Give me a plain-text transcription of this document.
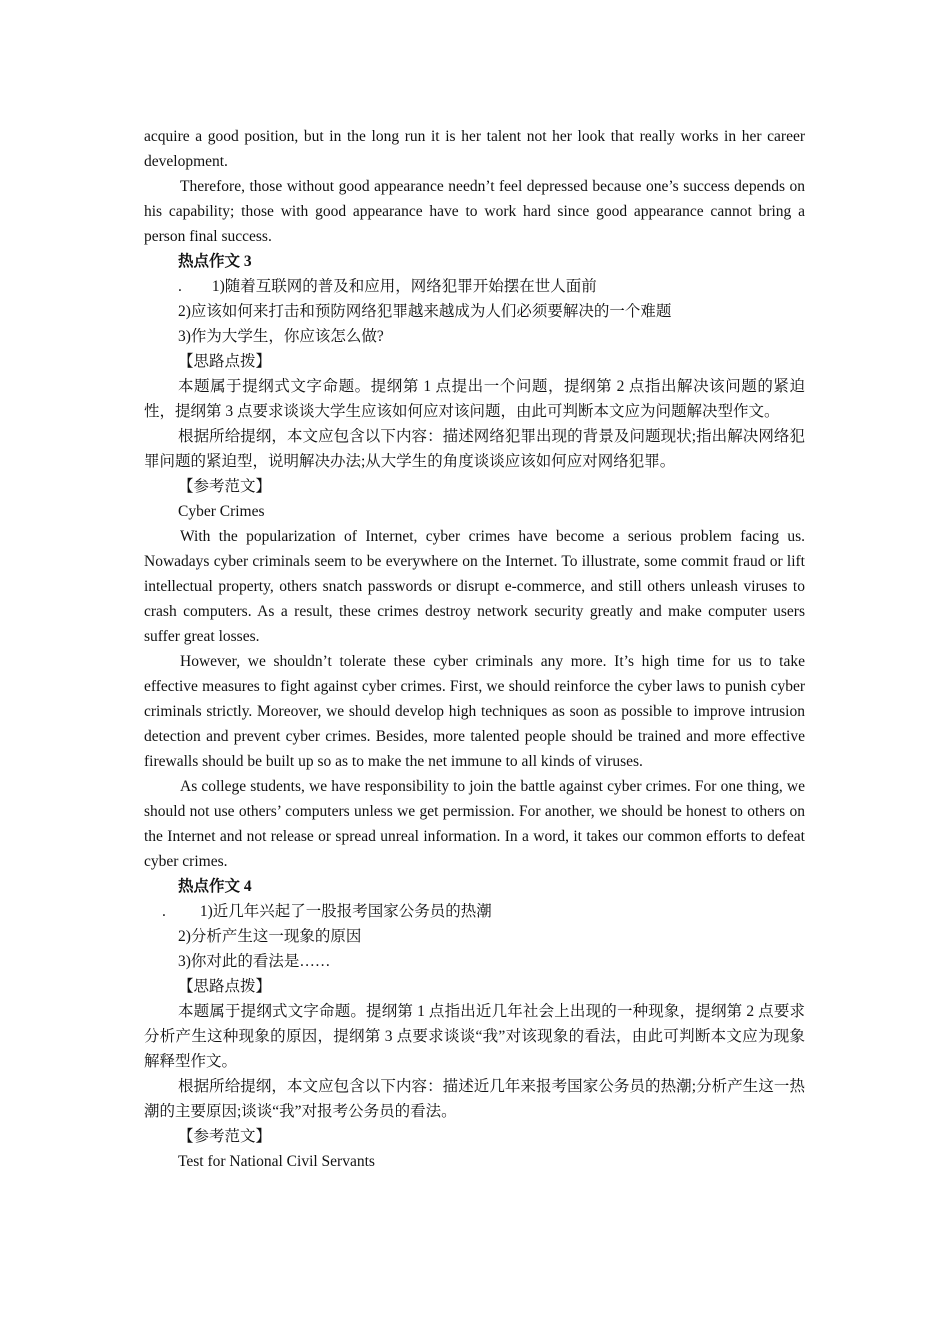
acquire a good position, but in the long run it is her talent not her look that really works in her career development.

Therefore, those without good appearance needn’t feel depressed because one’s success depends on his capability; those with good appearance have to work hard since good appearance cannot bring a person final success.

热点作文 3

. 1)随着互联网的普及和应用，网络犯罪开始摆在世人面前

2)应该如何来打击和预防网络犯罪越来越成为人们必须要解决的一个难题

3)作为大学生，你应该怎么做?

【思路点拨】

本题属于提纲式文字命题。提纲第 1 点提出一个问题，提纲第 2 点指出解决该问题的紧迫性，提纲第 3 点要求谈谈大学生应该如何应对该问题，由此可判断本文应为问题解决型作文。

根据所给提纲，本文应包含以下内容：描述网络犯罪出现的背景及问题现状;指出解决网络犯罪问题的紧迫型，说明解决办法;从大学生的角度谈谈应该如何应对网络犯罪。

【参考范文】

Cyber Crimes

With the popularization of Internet, cyber crimes have become a serious problem facing us. Nowadays cyber criminals seem to be everywhere on the Internet. To illustrate, some commit fraud or lift intellectual property, others snatch passwords or disrupt e-commerce, and still others unleash viruses to crash computers. As a result, these crimes destroy network security greatly and make computer users suffer great losses.

However, we shouldn’t tolerate these cyber criminals any more. It’s high time for us to take effective measures to fight against cyber crimes. First, we should reinforce the cyber laws to punish cyber criminals strictly. Moreover, we should develop high techniques as soon as possible to improve intrusion detection and prevent cyber crimes. Besides, more talented people should be trained and more effective firewalls should be built up so as to make the net immune to all kinds of viruses.

As college students, we have responsibility to join the battle against cyber crimes. For one thing, we should not use others’ computers unless we get permission. For another, we should be honest to others on the Internet and not release or spread unreal information. In a word, it takes our common efforts to defeat cyber crimes.

热点作文 4

. 1)近几年兴起了一股报考国家公务员的热潮

2)分析产生这一现象的原因

3)你对此的看法是……

【思路点拨】

本题属于提纲式文字命题。提纲第 1 点指出近几年社会上出现的一种现象，提纲第 2 点要求分析产生这种现象的原因，提纲第 3 点要求谈谈“我”对该现象的看法，由此可判断本文应为现象解释型作文。

根据所给提纲，本文应包含以下内容：描述近几年来报考国家公务员的热潮;分析产生这一热潮的主要原因;谈谈“我”对报考公务员的看法。

【参考范文】

Test for National Civil Servants
